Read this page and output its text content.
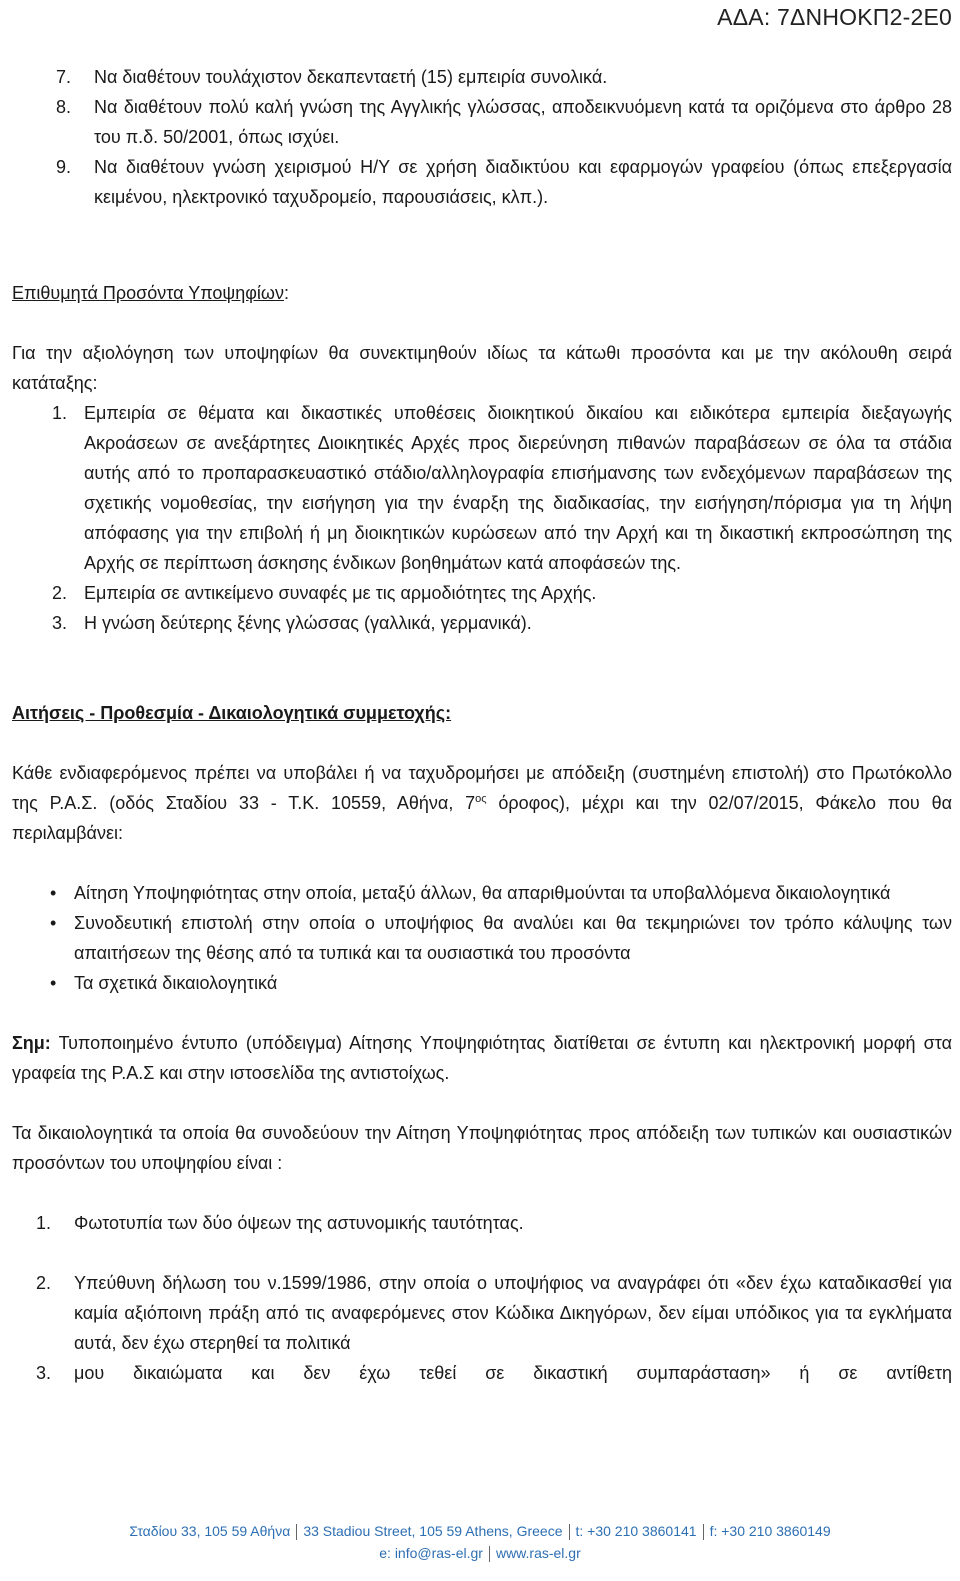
ΑΔΑ: 7ΔΝΗΟΚΠ2-2Ε0
7.	Να διαθέτουν τουλάχιστον δεκαπενταετή (15) εμπειρία συνολικά.
8.	Να διαθέτουν πολύ καλή γνώση της Αγγλικής γλώσσας, αποδεικνυόμενη κατά τα οριζόμενα στο άρθρο 28 του π.δ. 50/2001, όπως ισχύει.
9.	Να διαθέτουν γνώση χειρισμού Η/Υ σε χρήση διαδικτύου και εφαρμογών γραφείου (όπως επεξεργασία κειμένου, ηλεκτρονικό ταχυδρομείο, παρουσιάσεις, κλπ.).

Επιθυμητά Προσόντα Υποψηφίων:

Για την αξιολόγηση των υποψηφίων θα συνεκτιμηθούν ιδίως τα κάτωθι προσόντα και με την ακόλουθη σειρά κατάταξης:

1. Εμπειρία σε θέματα και δικαστικές υποθέσεις διοικητικού δικαίου και ειδικότερα εμπειρία διεξαγωγής Ακροάσεων σε ανεξάρτητες Διοικητικές Αρχές προς διερεύνηση πιθανών παραβάσεων σε όλα τα στάδια αυτής από το προπαρασκευαστικό στάδιο/αλληλογραφία επισήμανσης των ενδεχόμενων παραβάσεων της σχετικής νομοθεσίας, την εισήγηση για την έναρξη της διαδικασίας, την εισήγηση/πόρισμα για τη λήψη απόφασης για την επιβολή ή μη διοικητικών κυρώσεων από την Αρχή και τη δικαστική εκπροσώπηση της Αρχής σε περίπτωση άσκησης ένδικων βοηθημάτων κατά αποφάσεών της.
2. Εμπειρία σε αντικείμενο συναφές με τις αρμοδιότητες της Αρχής.
3. Η γνώση δεύτερης ξένης γλώσσας (γαλλικά, γερμανικά).

Αιτήσεις - Προθεσμία - Δικαιολογητικά συμμετοχής:

Κάθε ενδιαφερόμενος πρέπει να υποβάλει ή να ταχυδρομήσει με απόδειξη (συστημένη επιστολή) στο Πρωτόκολλο της Ρ.Α.Σ. (οδός Σταδίου 33 - Τ.Κ. 10559, Αθήνα, $7^{o\varsigma}$ όροφος), μέχρι και την 02/07/2015, Φάκελο που θα περιλαμβάνει:

• Αίτηση Υποψηφιότητας στην οποία, μεταξύ άλλων, θα απαριθμούνται τα υποβαλλόμενα δικαιολογητικά
• Συνοδευτική επιστολή στην οποία ο υποψήφιος θα αναλύει και θα τεκμηριώνει τον τρόπο κάλυψης των απαιτήσεων της θέσης από τα τυπικά και τα ουσιαστικά του προσόντα
• Τα σχετικά δικαιολογητικά

Σημ: Τυποποιημένο έντυπο (υπόδειγμα) Αίτησης Υποψηφιότητας διατίθεται σε έντυπη και ηλεκτρονική μορφή στα γραφεία της Ρ.Α.Σ και στην ιστοσελίδα της αντιστοίχως.

Τα δικαιολογητικά τα οποία θα συνοδεύουν την Αίτηση Υποψηφιότητας προς απόδειξη των τυπικών και ουσιαστικών προσόντων του υποψηφίου είναι :

1.	Φωτοτυπία των δύο όψεων της αστυνομικής ταυτότητας.
2.	Υπεύθυνη δήλωση του ν.1599/1986, στην οποία ο υποψήφιος να αναγράφει ότι «δεν έχω καταδικασθεί για καμία αξιόποινη πράξη από τις αναφερόμενες στον Κώδικα Δικηγόρων, δεν είμαι υπόδικος για τα εγκλήματα αυτά, δεν έχω στερηθεί τα πολιτικά
3.	μου δικαιώματα και δεν έχω τεθεί σε δικαστική συμπαράσταση» ή σε αντίθετη
Σταδίου 33, 105 59 Αθήνα 33 Stadiou Street, 105 59 Athens, Greece t: +30 210 3860141 f: +30 210 3860149
e: info@ras-el.gr www.ras-el.gr
